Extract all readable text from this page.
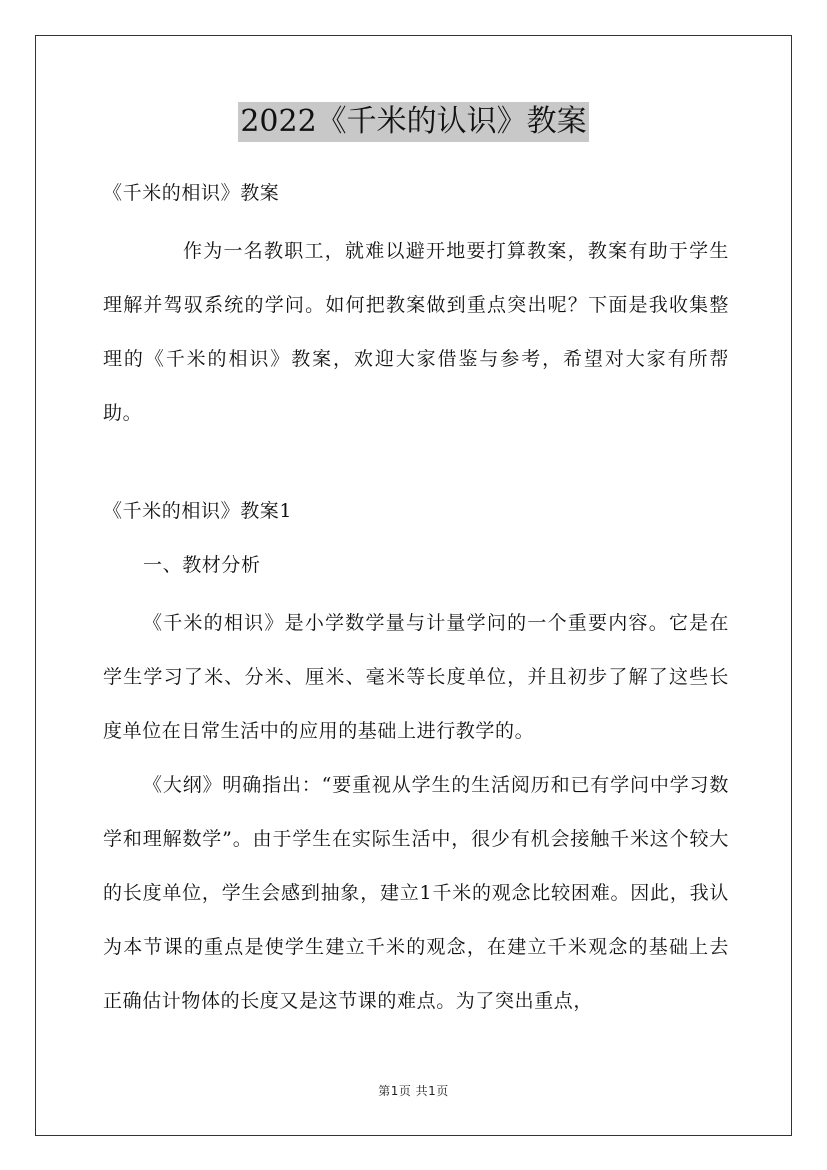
2022《千米的认识》教案
《千米的相识》教案

作为一名教职工，就难以避开地要打算教案，教案有助于学生理解并驾驭系统的学问。如何把教案做到重点突出呢？下面是我收集整理的《千米的相识》教案，欢迎大家借鉴与参考，希望对大家有所帮助。

《千米的相识》教案1
一、教材分析

《千米的相识》是小学数学量与计量学问的一个重要内容。它是在学生学习了米、分米、厘米、毫米等长度单位，并且初步了解了这些长度单位在日常生活中的应用的基础上进行教学的。

《大纲》明确指出：“要重视从学生的生活阅历和已有学问中学习数学和理解数学”。由于学生在实际生活中，很少有机会接触千米这个较大的长度单位，学生会感到抽象，建立1千米的观念比较困难。因此，我认为本节课的重点是使学生建立千米的观念，在建立千米观念的基础上去正确估计物体的长度又是这节课的难点。为了突出重点，

第1页 共1页
